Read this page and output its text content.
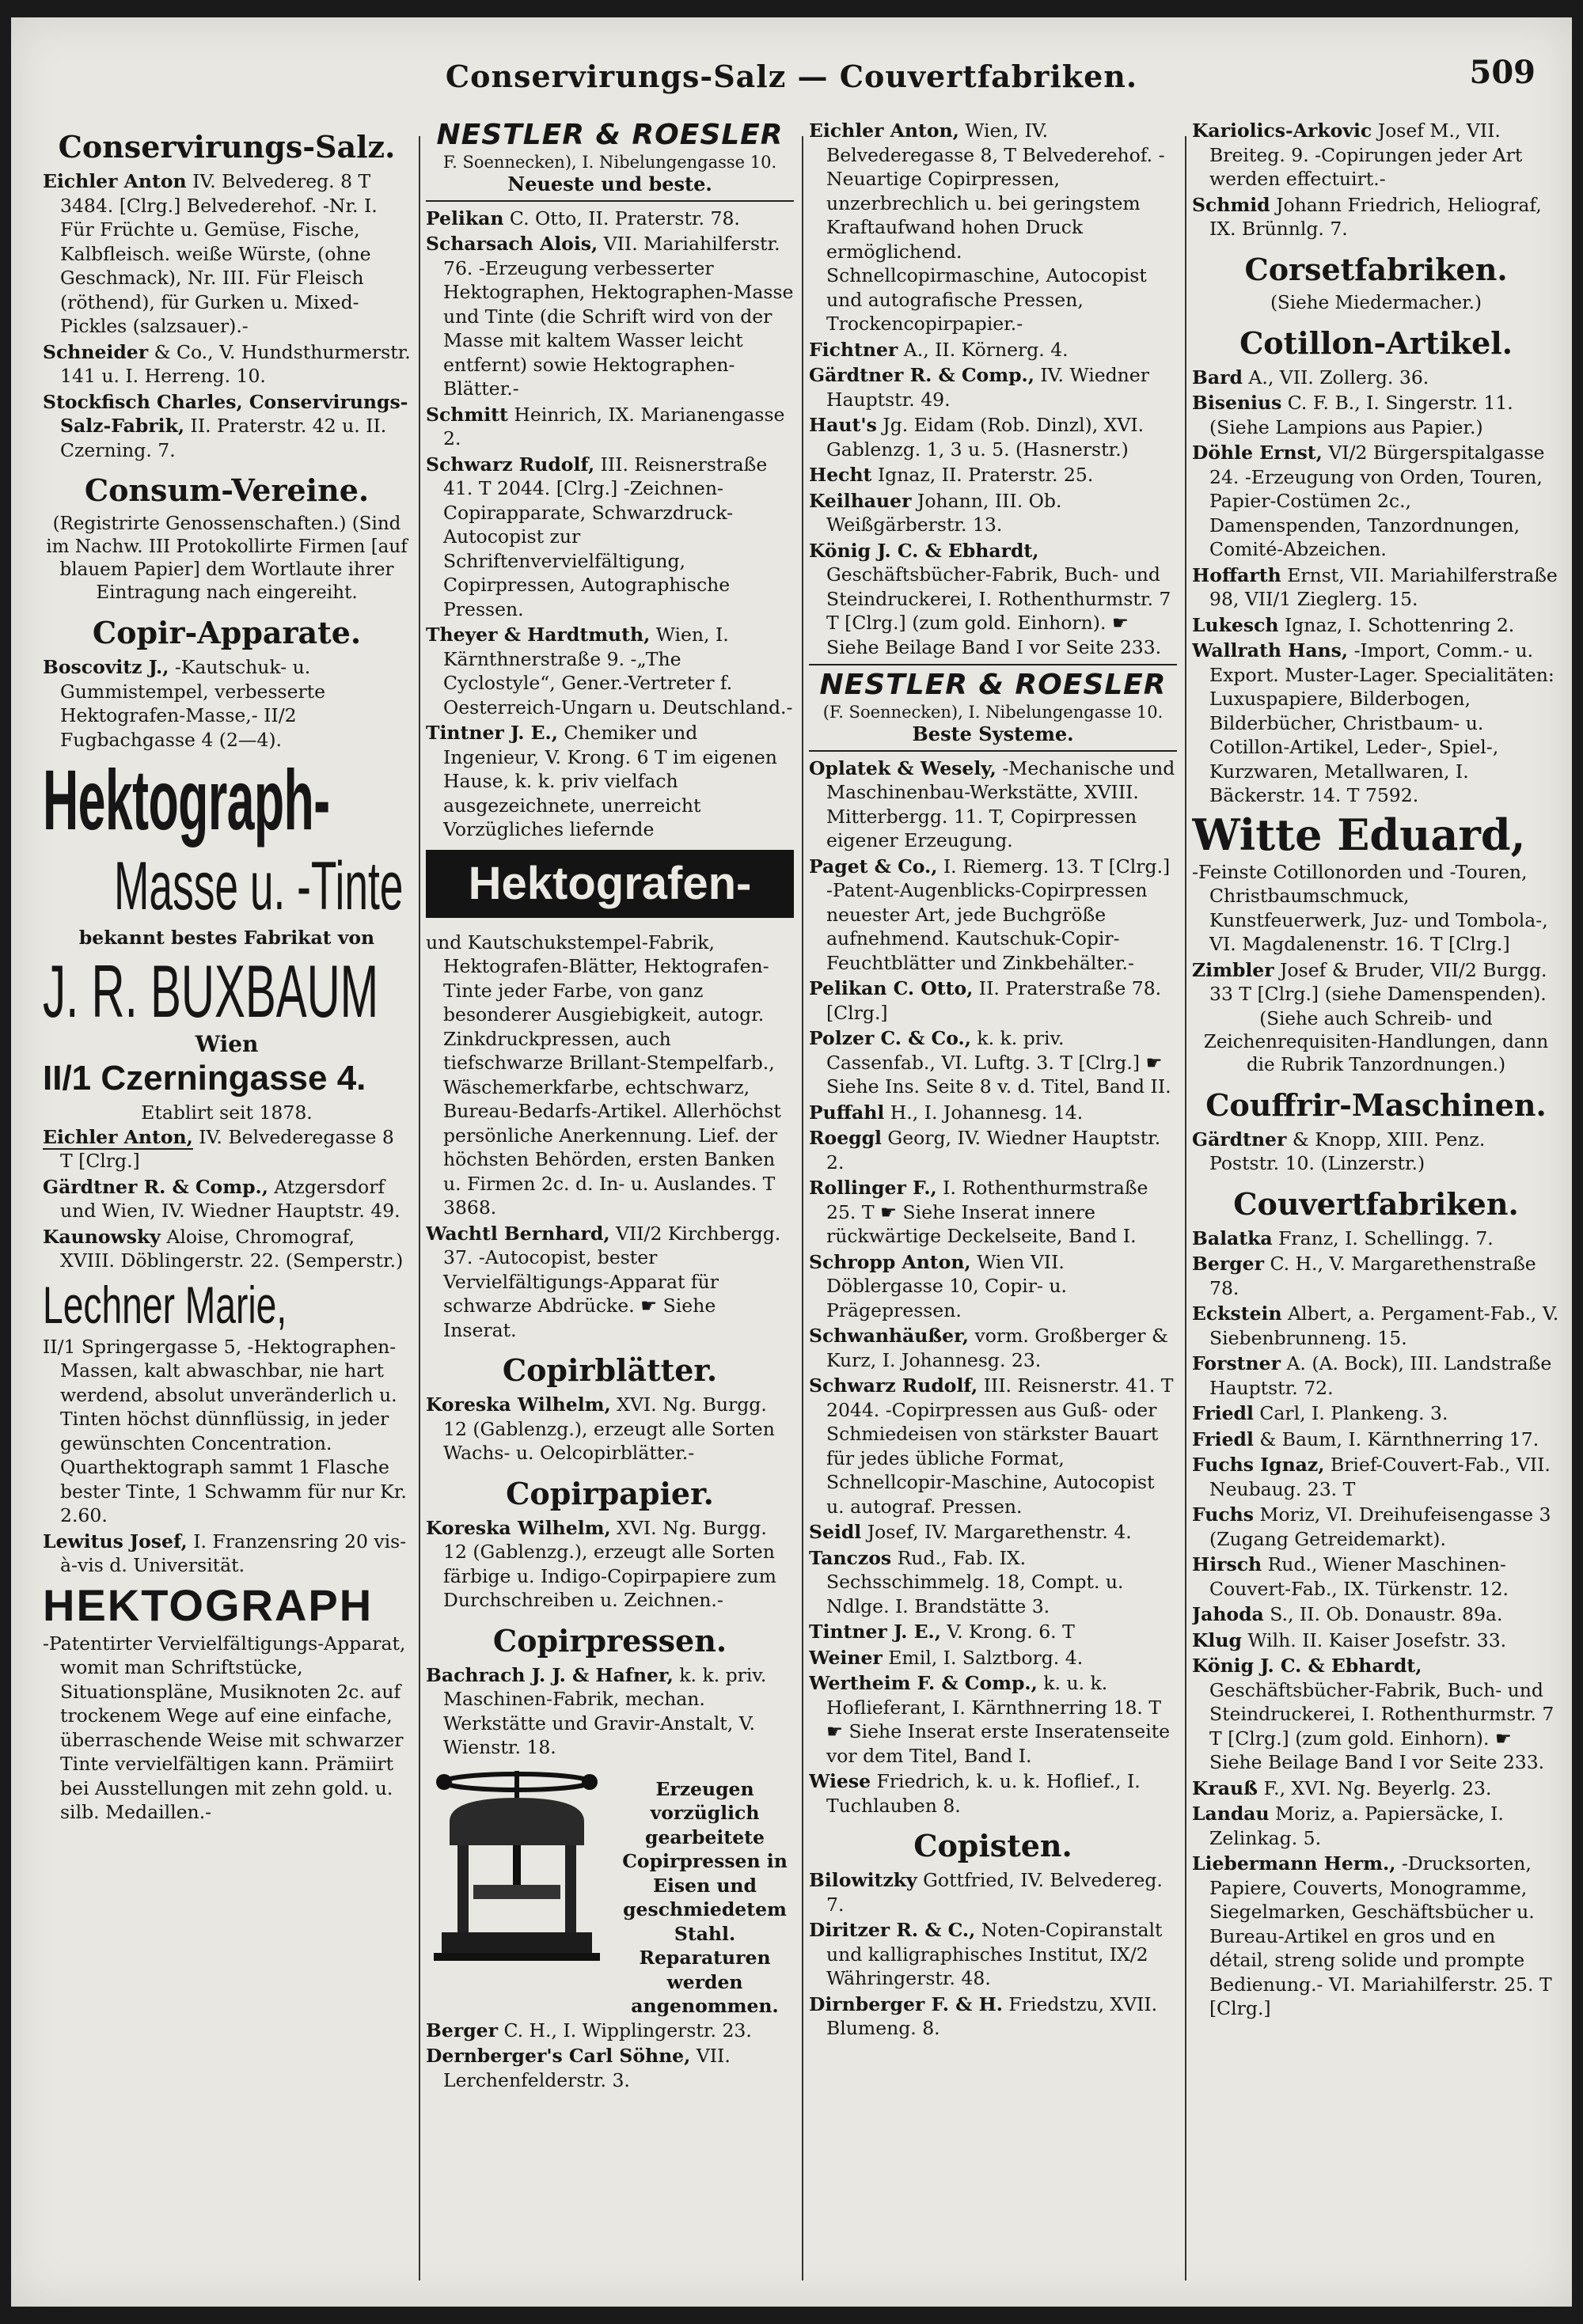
Conservirungs-Salz — Couvertfabriken.	509
Conservirungs-Salz.

Eichler Anton IV. Belvedereg. 8 T 3484. [Clrg.] Belvederehof. -Nr. I. Für Früchte u. Gemüse, Fische, Kalbfleisch. weiße Würste, (ohne Geschmack), Nr. III. Für Fleisch (röthend), für Gurken u. Mixed-Pickles (salzsauer).-

Schneider & Co., V. Hundsthurmerstr. 141 u. I. Herreng. 10.

Stockfisch Charles, Conservirungs-Salz-Fabrik, II. Praterstr. 42 u. II. Czerning. 7.

Consum-Vereine.
(Registrirte Genossenschaften.) (Sind im Nachw. III Protokollirte Firmen [auf blauem Papier] dem Wortlaute ihrer Eintragung nach eingereiht.
Copir-Apparate.

Boscovitz J., -Kautschuk- u. Gummistempel, verbesserte Hektografen-Masse,- II/2 Fugbachgasse 4 (2—4).

Hektograph-
Masse u. -Tinte
bekannt bestes Fabrikat von
J. R. BUXBAUM
Wien
II/1 Czerningasse 4.
Etablirt seit 1878.

Eichler Anton, IV. Belvederegasse 8 T [Clrg.]

Gärdtner R. & Comp., Atzgersdorf und Wien, IV. Wiedner Hauptstr. 49.

Kaunowsky Aloise, Chromograf, XVIII. Döblingerstr. 22. (Semperstr.)

Lechner Marie,

II/1 Springergasse 5, -Hektographen-Massen, kalt abwaschbar, nie hart werdend, absolut unveränderlich u. Tinten höchst dünnflüssig, in jeder gewünschten Concentration. Quarthektograph sammt 1 Flasche bester Tinte, 1 Schwamm für nur Kr. 2.60.

Lewitus Josef, I. Franzensring 20 vis-à-vis d. Universität.

HEKTOGRAPH

-Patentirter Vervielfältigungs-Apparat, womit man Schriftstücke, Situationspläne, Musiknoten 2c. auf trockenem Wege auf eine einfache, überraschende Weise mit schwarzer Tinte vervielfältigen kann. Prämiirt bei Ausstellungen mit zehn gold. u. silb. Medaillen.-

NESTLER & ROESLER
F. Soennecken), I. Nibelungengasse 10.
Neueste und beste.

Pelikan C. Otto, II. Praterstr. 78.

Scharsach Alois, VII. Mariahilferstr. 76. -Erzeugung verbesserter Hektographen, Hektographen-Masse und Tinte (die Schrift wird von der Masse mit kaltem Wasser leicht entfernt) sowie Hektographen-Blätter.-

Schmitt Heinrich, IX. Marianengasse 2.

Schwarz Rudolf, III. Reisnerstraße 41. T 2044. [Clrg.] -Zeichnen-Copirapparate, Schwarzdruck-Autocopist zur Schriftenvervielfältigung, Copirpressen, Autographische Pressen.

Theyer & Hardtmuth, Wien, I. Kärnthnerstraße 9. -„The Cyclostyle“, Gener.-Vertreter f. Oesterreich-Ungarn u. Deutschland.-

Tintner J. E., Chemiker und Ingenieur, V. Krong. 6 T im eigenen Hause, k. k. priv vielfach ausgezeichnete, unerreicht Vorzügliches liefernde

Hektografen-

und Kautschukstempel-Fabrik, Hektografen-Blätter, Hektografen-Tinte jeder Farbe, von ganz besonderer Ausgiebigkeit, autogr. Zinkdruckpressen, auch tiefschwarze Brillant-Stempelfarb., Wäschemerkfarbe, echtschwarz, Bureau-Bedarfs-Artikel. Allerhöchst persönliche Anerkennung. Lief. der höchsten Behörden, ersten Banken u. Firmen 2c. d. In- u. Auslandes. T 3868.

Wachtl Bernhard, VII/2 Kirchbergg. 37. -Autocopist, bester Vervielfältigungs-Apparat für schwarze Abdrücke. ☛ Siehe Inserat.

Copirblätter.

Koreska Wilhelm, XVI. Ng. Burgg. 12 (Gablenzg.), erzeugt alle Sorten Wachs- u. Oelcopirblätter.-

Copirpapier.

Koreska Wilhelm, XVI. Ng. Burgg. 12 (Gablenzg.), erzeugt alle Sorten färbige u. Indigo-Copirpapiere zum Durchschreiben u. Zeichnen.-

Copirpressen.

Bachrach J. J. & Hafner, k. k. priv. Maschinen-Fabrik, mechan. Werkstätte und Gravir-Anstalt, V. Wienstr. 18.

Erzeugen vorzüglich gearbeitete Copirpressen in Eisen und geschmiedetem Stahl. Reparaturen werden angenommen.

Berger C. H., I. Wipplingerstr. 23.

Dernberger's Carl Söhne, VII. Lerchenfelderstr. 3.

Eichler Anton, Wien, IV. Belvederegasse 8, T Belvederehof. -Neuartige Copirpressen, unzerbrechlich u. bei geringstem Kraftaufwand hohen Druck ermöglichend. Schnellcopirmaschine, Autocopist und autografische Pressen, Trockencopirpapier.-

Fichtner A., II. Körnerg. 4.

Gärdtner R. & Comp., IV. Wiedner Hauptstr. 49.

Haut's Jg. Eidam (Rob. Dinzl), XVI. Gablenzg. 1, 3 u. 5. (Hasnerstr.)

Hecht Ignaz, II. Praterstr. 25.

Keilhauer Johann, III. Ob. Weißgärberstr. 13.

König J. C. & Ebhardt, Geschäftsbücher-Fabrik, Buch- und Steindruckerei, I. Rothenthurmstr. 7 T [Clrg.] (zum gold. Einhorn). ☛ Siehe Beilage Band I vor Seite 233.

NESTLER & ROESLER
(F. Soennecken), I. Nibelungengasse 10.
Beste Systeme.

Oplatek & Wesely, -Mechanische und Maschinenbau-Werkstätte, XVIII. Mitterbergg. 11. T, Copirpressen eigener Erzeugung.

Paget & Co., I. Riemerg. 13. T [Clrg.] -Patent-Augenblicks-Copirpressen neuester Art, jede Buchgröße aufnehmend. Kautschuk-Copir-Feuchtblätter und Zinkbehälter.-

Pelikan C. Otto, II. Praterstraße 78. [Clrg.]

Polzer C. & Co., k. k. priv. Cassenfab., VI. Luftg. 3. T [Clrg.] ☛ Siehe Ins. Seite 8 v. d. Titel, Band II.

Puffahl H., I. Johannesg. 14.

Roeggl Georg, IV. Wiedner Hauptstr. 2.

Rollinger F., I. Rothenthurmstraße 25. T ☛ Siehe Inserat innere rückwärtige Deckelseite, Band I.

Schropp Anton, Wien VII. Döblergasse 10, Copir- u. Prägepressen.

Schwanhäußer, vorm. Großberger & Kurz, I. Johannesg. 23.

Schwarz Rudolf, III. Reisnerstr. 41. T 2044. -Copirpressen aus Guß- oder Schmiedeisen von stärkster Bauart für jedes übliche Format, Schnellcopir-Maschine, Autocopist u. autograf. Pressen.

Seidl Josef, IV. Margarethenstr. 4.

Tanczos Rud., Fab. IX. Sechsschimmelg. 18, Compt. u. Ndlge. I. Brandstätte 3.

Tintner J. E., V. Krong. 6. T

Weiner Emil, I. Salztborg. 4.

Wertheim F. & Comp., k. u. k. Hoflieferant, I. Kärnthnerring 18. T ☛ Siehe Inserat erste Inseratenseite vor dem Titel, Band I.

Wiese Friedrich, k. u. k. Hoflief., I. Tuchlauben 8.

Copisten.

Bilowitzky Gottfried, IV. Belvedereg. 7.

Diritzer R. & C., Noten-Copiranstalt und kalligraphisches Institut, IX/2 Währingerstr. 48.

Dirnberger F. & H. Friedstzu, XVII. Blumeng. 8.

Kariolics-Arkovic Josef M., VII. Breiteg. 9. -Copirungen jeder Art werden effectuirt.-

Schmid Johann Friedrich, Heliograf, IX. Brünnlg. 7.

Corsetfabriken.
(Siehe Miedermacher.)
Cotillon-Artikel.

Bard A., VII. Zollerg. 36.

Bisenius C. F. B., I. Singerstr. 11. (Siehe Lampions aus Papier.)

Döhle Ernst, VI/2 Bürgerspitalgasse 24. -Erzeugung von Orden, Touren, Papier-Costümen 2c., Damenspenden, Tanzordnungen, Comité-Abzeichen.

Hoffarth Ernst, VII. Mariahilferstraße 98, VII/1 Zieglerg. 15.

Lukesch Ignaz, I. Schottenring 2.

Wallrath Hans, -Import, Comm.- u. Export. Muster-Lager. Specialitäten: Luxuspapiere, Bilderbogen, Bilderbücher, Christbaum- u. Cotillon-Artikel, Leder-, Spiel-, Kurzwaren, Metallwaren, I. Bäckerstr. 14. T 7592.

Witte Eduard,

-Feinste Cotillonorden und -Touren, Christbaumschmuck, Kunstfeuerwerk, Juz- und Tombola-, VI. Magdalenenstr. 16. T [Clrg.]

Zimbler Josef & Bruder, VII/2 Burgg. 33 T [Clrg.] (siehe Damenspenden).

(Siehe auch Schreib- und Zeichenrequisiten-Handlungen, dann die Rubrik Tanzordnungen.)
Couffrir-Maschinen.

Gärdtner & Knopp, XIII. Penz. Poststr. 10. (Linzerstr.)

Couvertfabriken.

Balatka Franz, I. Schellingg. 7.

Berger C. H., V. Margarethenstraße 78.

Eckstein Albert, a. Pergament-Fab., V. Siebenbrunneng. 15.

Forstner A. (A. Bock), III. Landstraße Hauptstr. 72.

Friedl Carl, I. Plankeng. 3.

Friedl & Baum, I. Kärnthnerring 17.

Fuchs Ignaz, Brief-Couvert-Fab., VII. Neubaug. 23. T

Fuchs Moriz, VI. Dreihufeisengasse 3 (Zugang Getreidemarkt).

Hirsch Rud., Wiener Maschinen-Couvert-Fab., IX. Türkenstr. 12.

Jahoda S., II. Ob. Donaustr. 89a.

Klug Wilh. II. Kaiser Josefstr. 33.

König J. C. & Ebhardt, Geschäftsbücher-Fabrik, Buch- und Steindruckerei, I. Rothenthurmstr. 7 T [Clrg.] (zum gold. Einhorn). ☛ Siehe Beilage Band I vor Seite 233.

Krauß F., XVI. Ng. Beyerlg. 23.

Landau Moriz, a. Papiersäcke, I. Zelinkag. 5.

Liebermann Herm., -Drucksorten, Papiere, Couverts, Monogramme, Siegelmarken, Geschäftsbücher u. Bureau-Artikel en gros und en détail, streng solide und prompte Bedienung.- VI. Mariahilferstr. 25. T [Clrg.]
